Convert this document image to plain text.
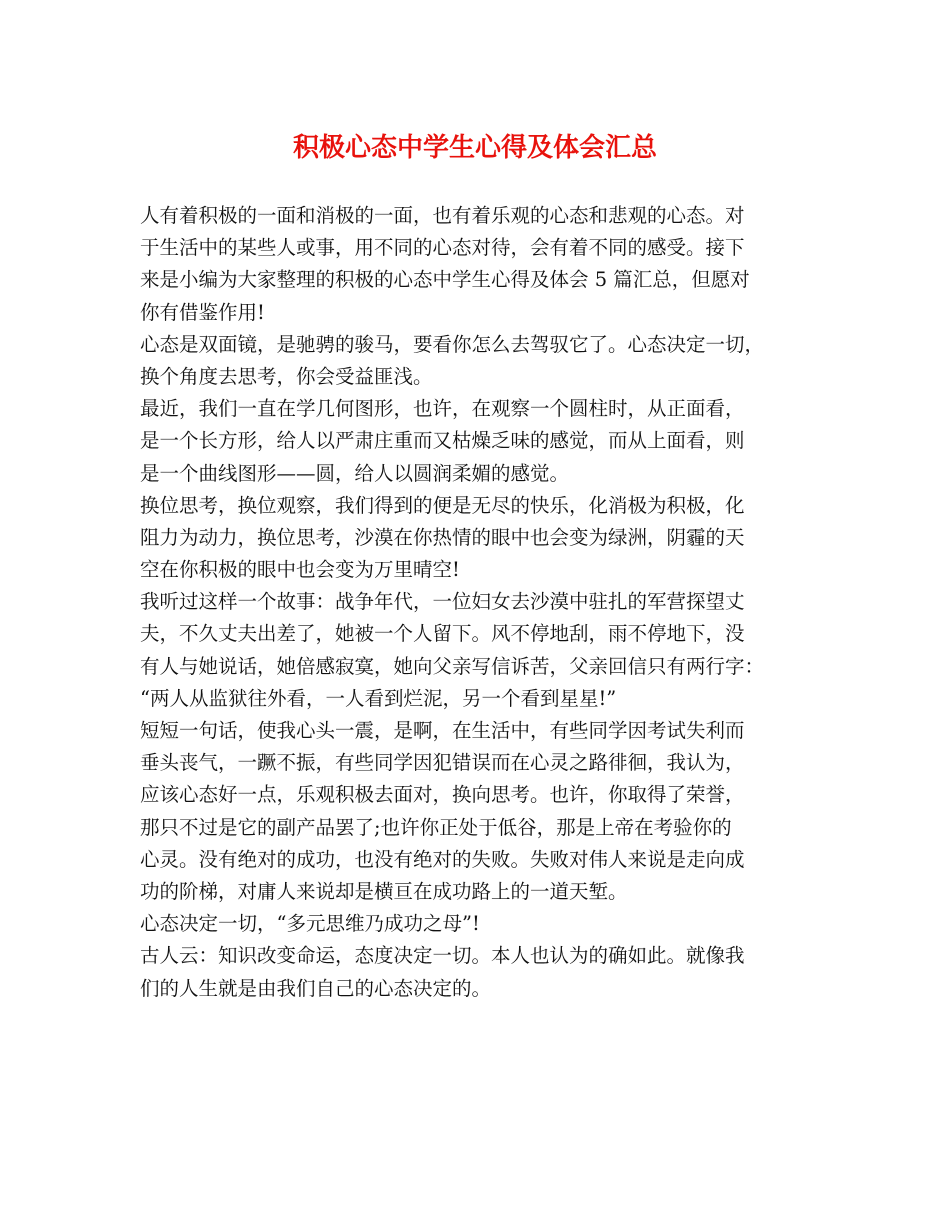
积极心态中学生心得及体会汇总
人有着积极的一面和消极的一面，也有着乐观的心态和悲观的心态。对
于生活中的某些人或事，用不同的心态对待，会有着不同的感受。接下
来是小编为大家整理的积极的心态中学生心得及体会 5 篇汇总，但愿对
你有借鉴作用!
心态是双面镜，是驰骋的骏马，要看你怎么去驾驭它了。心态决定一切，
换个角度去思考，你会受益匪浅。
最近，我们一直在学几何图形，也许，在观察一个圆柱时，从正面看，
是一个长方形，给人以严肃庄重而又枯燥乏味的感觉，而从上面看，则
是一个曲线图形——圆，给人以圆润柔媚的感觉。
换位思考，换位观察，我们得到的便是无尽的快乐，化消极为积极，化
阻力为动力，换位思考，沙漠在你热情的眼中也会变为绿洲，阴霾的天
空在你积极的眼中也会变为万里晴空!
我听过这样一个故事：战争年代，一位妇女去沙漠中驻扎的军营探望丈
夫，不久丈夫出差了，她被一个人留下。风不停地刮，雨不停地下，没
有人与她说话，她倍感寂寞，她向父亲写信诉苦，父亲回信只有两行字：
“两人从监狱往外看，一人看到烂泥，另一个看到星星!”
短短一句话，使我心头一震，是啊，在生活中，有些同学因考试失利而
垂头丧气，一蹶不振，有些同学因犯错误而在心灵之路徘徊，我认为，
应该心态好一点，乐观积极去面对，换向思考。也许，你取得了荣誉，
那只不过是它的副产品罢了;也许你正处于低谷，那是上帝在考验你的
心灵。没有绝对的成功，也没有绝对的失败。失败对伟人来说是走向成
功的阶梯，对庸人来说却是横亘在成功路上的一道天堑。
心态决定一切，“多元思维乃成功之母”!
古人云：知识改变命运，态度决定一切。本人也认为的确如此。就像我
们的人生就是由我们自己的心态决定的。
